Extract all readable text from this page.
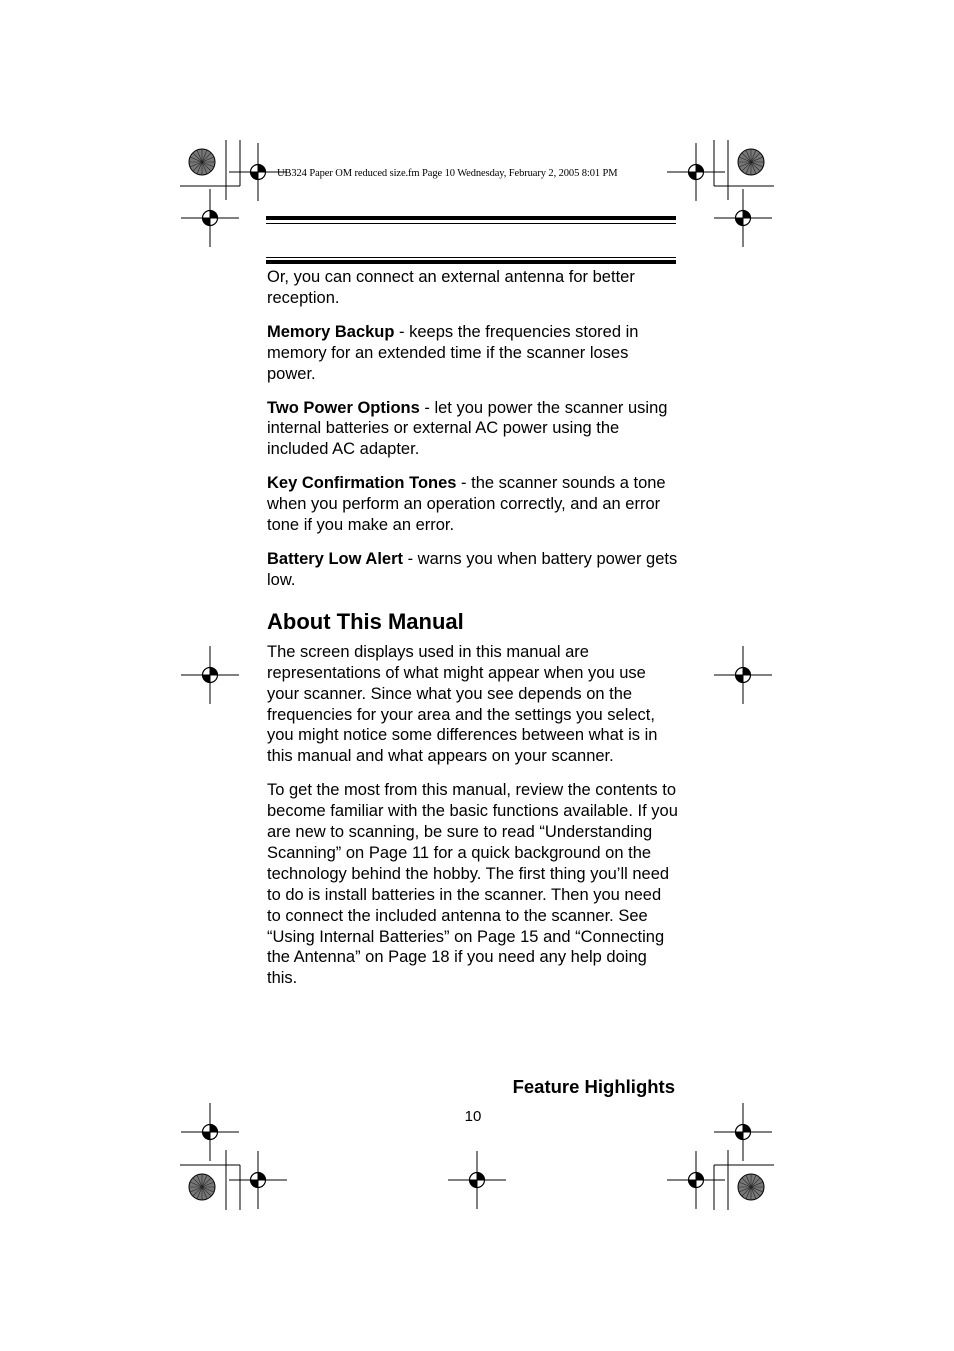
UB324 Paper OM reduced size.fm Page 10 Wednesday, February 2, 2005 8:01 PM

Or, you can connect an external antenna for better reception.

Memory Backup - keeps the frequencies stored in memory for an extended time if the scanner loses power.

Two Power Options - let you power the scanner using internal batteries or external AC power using the included AC adapter.

Key Confirmation Tones - the scanner sounds a tone when you perform an operation correctly, and an error tone if you make an error.

Battery Low Alert - warns you when battery power gets low.

About This Manual

The screen displays used in this manual are representations of what might appear when you use your scanner. Since what you see depends on the frequencies for your area and the settings you select, you might notice some differences between what is in this manual and what appears on your scanner.

To get the most from this manual, review the contents to become familiar with the basic functions available. If you are new to scanning, be sure to read “Understanding Scanning” on Page 11 for a quick background on the technology behind the hobby. The first thing you’ll need to do is install batteries in the scanner. Then you need to connect the included antenna to the scanner. See “Using Internal Batteries” on Page 15 and “Connecting the Antenna” on Page 18 if you need any help doing this.

Feature Highlights
10
